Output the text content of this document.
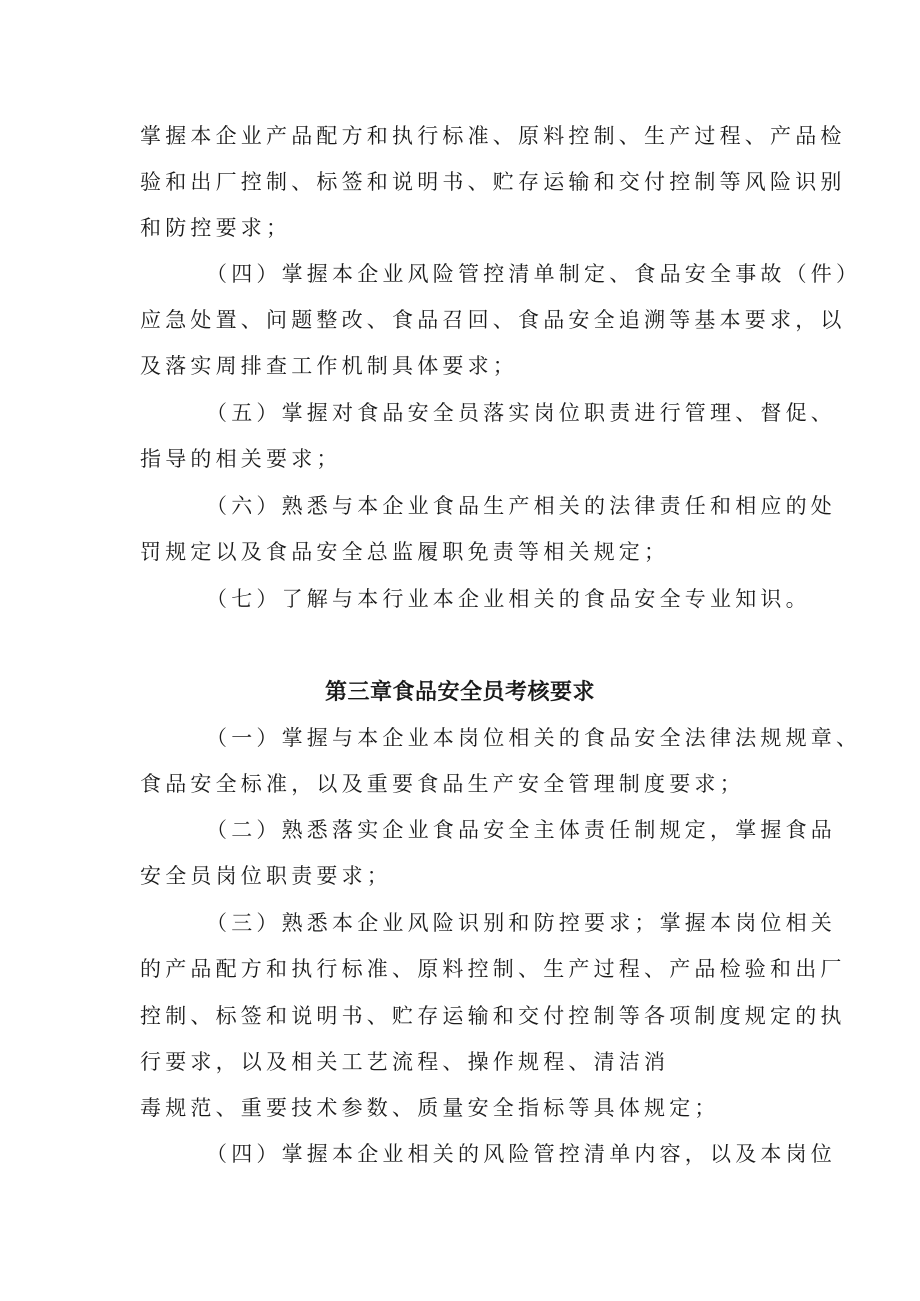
掌握本企业产品配方和执行标准、原料控制、生产过程、产品检
验和出厂控制、标签和说明书、贮存运输和交付控制等风险识别
和防控要求；
（四）掌握本企业风险管控清单制定、食品安全事故（件）
应急处置、问题整改、食品召回、食品安全追溯等基本要求，以
及落实周排查工作机制具体要求；
（五）掌握对食品安全员落实岗位职责进行管理、督促、
指导的相关要求；
（六）熟悉与本企业食品生产相关的法律责任和相应的处
罚规定以及食品安全总监履职免责等相关规定；
（七）了解与本行业本企业相关的食品安全专业知识。
第三章食品安全员考核要求
（一）掌握与本企业本岗位相关的食品安全法律法规规章、
食品安全标准，以及重要食品生产安全管理制度要求；
（二）熟悉落实企业食品安全主体责任制规定，掌握食品
安全员岗位职责要求；
（三）熟悉本企业风险识别和防控要求；掌握本岗位相关
的产品配方和执行标准、原料控制、生产过程、产品检验和出厂
控制、标签和说明书、贮存运输和交付控制等各项制度规定的执
行要求，以及相关工艺流程、操作规程、清洁消
毒规范、重要技术参数、质量安全指标等具体规定；
（四）掌握本企业相关的风险管控清单内容，以及本岗位
